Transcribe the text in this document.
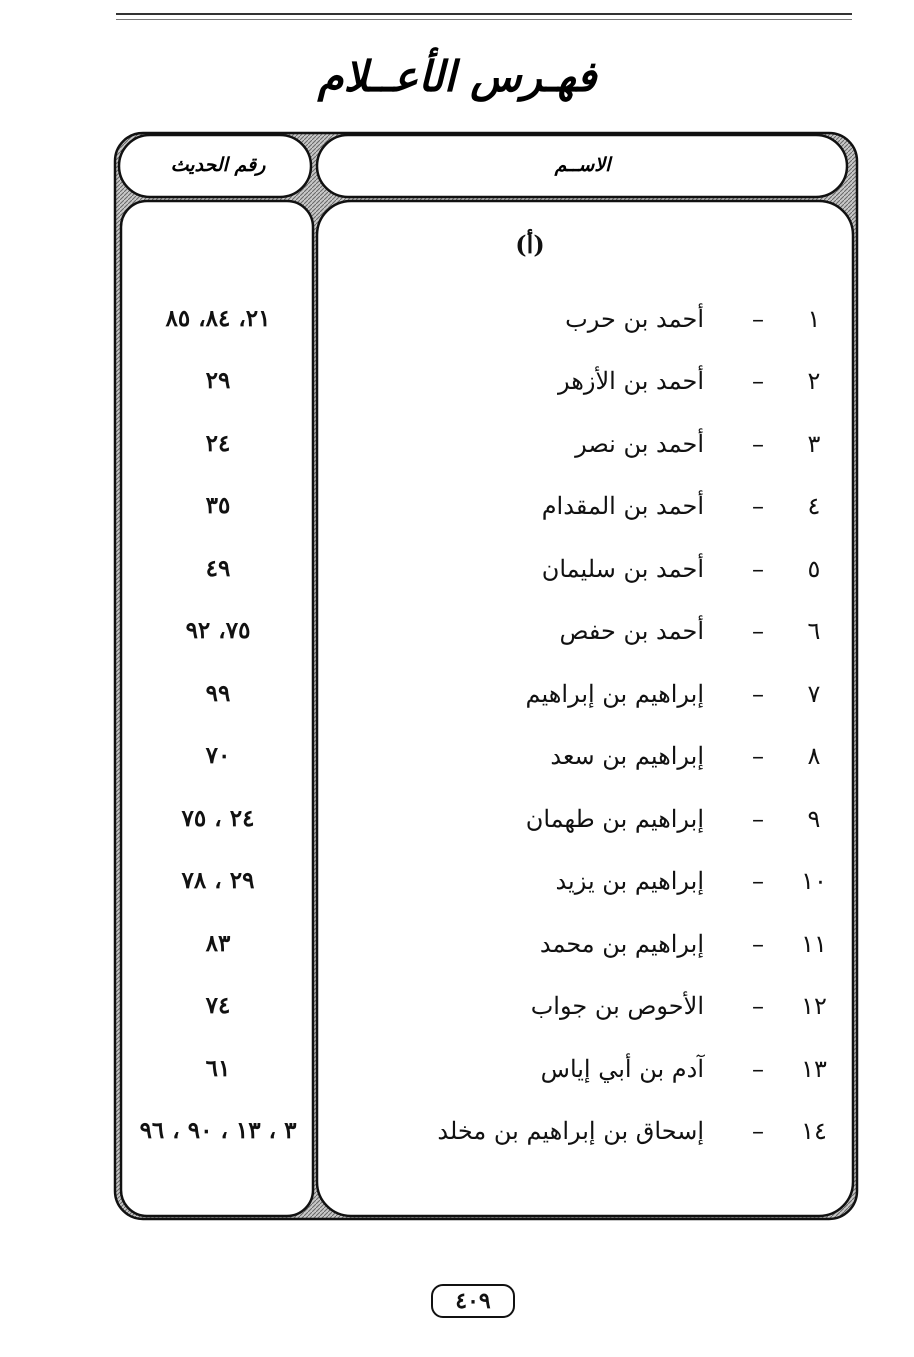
فهـرس الأعــلام
الاســم
رقم الحديث
(أ)
١
–
أحمد بن حرب
٢١، ٨٤، ٨٥
٢
–
أحمد بن الأزهر
٢٩
٣
–
أحمد بن نصر
٢٤
٤
–
أحمد بن المقدام
٣٥
٥
–
أحمد بن سليمان
٤٩
٦
–
أحمد بن حفص
٧٥، ٩٢
٧
–
إبراهيم بن إبراهيم
٩٩
٨
–
إبراهيم بن سعد
٧٠
٩
–
إبراهيم بن طهمان
٢٤ ، ٧٥
١٠
–
إبراهيم بن يزيد
٢٩ ، ٧٨
١١
–
إبراهيم بن محمد
٨٣
١٢
–
الأحوص بن جواب
٧٤
١٣
–
آدم بن أبي إياس
٦١
١٤
–
إسحاق بن إبراهيم بن مخلد
٣ ، ١٣ ، ٩٠ ، ٩٦
٤٠٩
